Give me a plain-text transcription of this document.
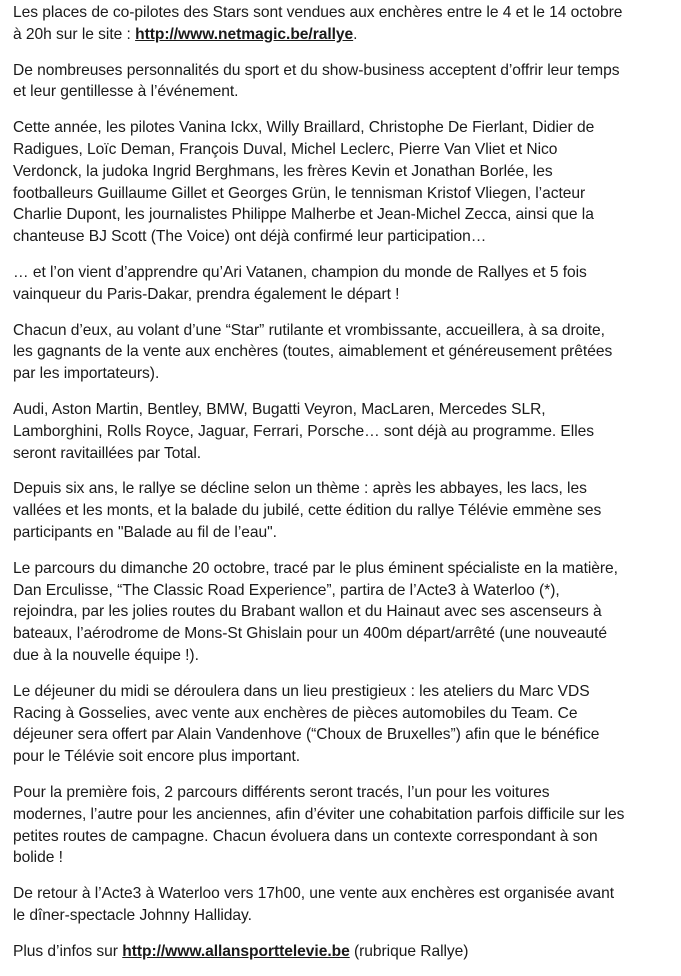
Les places de co-pilotes des Stars sont vendues aux enchères entre le 4 et le 14 octobre
à 20h sur le site : http://www.netmagic.be/rallye.

De nombreuses personnalités du sport et du show-business acceptent d’offrir leur temps
et leur gentillesse à l’événement.

Cette année, les pilotes Vanina Ickx, Willy Braillard, Christophe De Fierlant, Didier de
Radigues, Loïc Deman, François Duval, Michel Leclerc, Pierre Van Vliet et Nico
Verdonck, la judoka Ingrid Berghmans, les frères Kevin et Jonathan Borlée, les
footballeurs Guillaume Gillet et Georges Grün, le tennisman Kristof Vliegen, l’acteur
Charlie Dupont, les journalistes Philippe Malherbe et Jean-Michel Zecca, ainsi que la
chanteuse BJ Scott (The Voice) ont déjà confirmé leur participation…

… et l’on vient d’apprendre qu’Ari Vatanen, champion du monde de Rallyes et 5 fois
vainqueur du Paris-Dakar, prendra également le départ !

Chacun d’eux, au volant d’une “Star” rutilante et vrombissante, accueillera, à sa droite,
les gagnants de la vente aux enchères (toutes, aimablement et généreusement prêtées
par les importateurs).

Audi, Aston Martin, Bentley, BMW, Bugatti Veyron, MacLaren, Mercedes SLR,
Lamborghini, Rolls Royce, Jaguar, Ferrari, Porsche… sont déjà au programme. Elles
seront ravitaillées par Total.

Depuis six ans, le rallye se décline selon un thème : après les abbayes, les lacs, les
vallées et les monts, et la balade du jubilé, cette édition du rallye Télévie emmène ses
participants en "Balade au fil de l’eau".

Le parcours du dimanche 20 octobre, tracé par le plus éminent spécialiste en la matière,
Dan Erculisse, “The Classic Road Experience”, partira de l’Acte3 à Waterloo (*),
rejoindra, par les jolies routes du Brabant wallon et du Hainaut avec ses ascenseurs à
bateaux, l’aérodrome de Mons-St Ghislain pour un 400m départ/arrêté (une nouveauté
due à la nouvelle équipe !).

Le déjeuner du midi se déroulera dans un lieu prestigieux : les ateliers du Marc VDS
Racing à Gosselies, avec vente aux enchères de pièces automobiles du Team. Ce
déjeuner sera offert par Alain Vandenhove (“Choux de Bruxelles”) afin que le bénéfice
pour le Télévie soit encore plus important.

Pour la première fois, 2 parcours différents seront tracés, l’un pour les voitures
modernes, l’autre pour les anciennes, afin d’éviter une cohabitation parfois difficile sur les
petites routes de campagne. Chacun évoluera dans un contexte correspondant à son
bolide !

De retour à l’Acte3 à Waterloo vers 17h00, une vente aux enchères est organisée avant
le dîner-spectacle Johnny Halliday.

Plus d’infos sur http://www.allansporttelevie.be (rubrique Rallye)
